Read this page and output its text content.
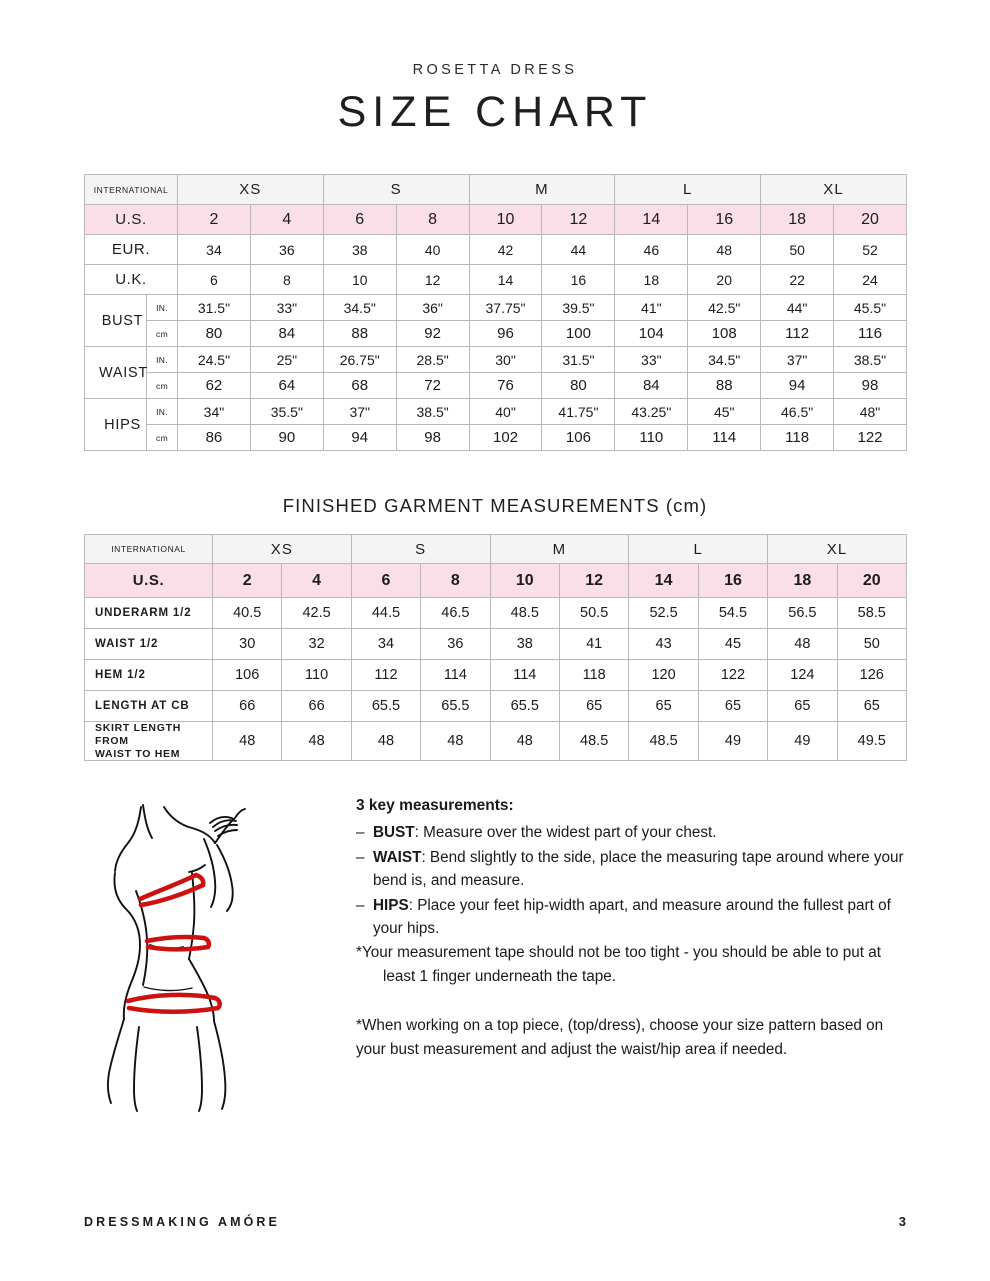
ROSETTA DRESS
SIZE CHART
INTERNATIONAL		XS		S		M		L		XL	
U.S.		2	4	6	8	10	12	14	16	18	20
EUR.		34	36	38	40	42	44	46	48	50	52
U.K.		6	8	10	12	14	16	18	20	22	24
BUST	IN.	31.5"	33"	34.5"	36"	37.75"	39.5"	41"	42.5"	44"	45.5"
	cm	80	84	88	92	96	100	104	108	112	116
WAIST	IN.	24.5"	25"	26.75"	28.5"	30"	31.5"	33"	34.5"	37"	38.5"
	cm	62	64	68	72	76	80	84	88	94	98
HIPS	IN.	34"	35.5"	37"	38.5"	40"	41.75"	43.25"	45"	46.5"	48"
	cm	86	90	94	98	102	106	110	114	118	122
FINISHED GARMENT MEASUREMENTS (cm)
INTERNATIONAL	XS		S		M		L		XL	
U.S.	2	4	6	8	10	12	14	16	18	20
UNDERARM 1/2	40.5	42.5	44.5	46.5	48.5	50.5	52.5	54.5	56.5	58.5
WAIST 1/2	30	32	34	36	38	41	43	45	48	50
HEM 1/2	106	110	112	114	114	118	120	122	124	126
LENGTH AT CB	66	66	65.5	65.5	65.5	65	65	65	65	65
SKIRT LENGTH FROM
WAIST TO HEM	48	48	48	48	48	48.5	48.5	49	49	49.5
3 key measurements:
– BUST: Measure over the widest part of your chest.
– WAIST: Bend slightly to the side, place the measuring tape around where your bend is, and measure.
– HIPS: Place your feet hip-width apart, and measure around the fullest part of your hips.

*Your measurement tape should not be too tight - you should be able to put at least 1 finger underneath the tape.

*When working on a top piece, (top/dress), choose your size pattern based on your bust measurement and adjust the waist/hip area if needed.

DRESSMAKING AMÓRE	3
